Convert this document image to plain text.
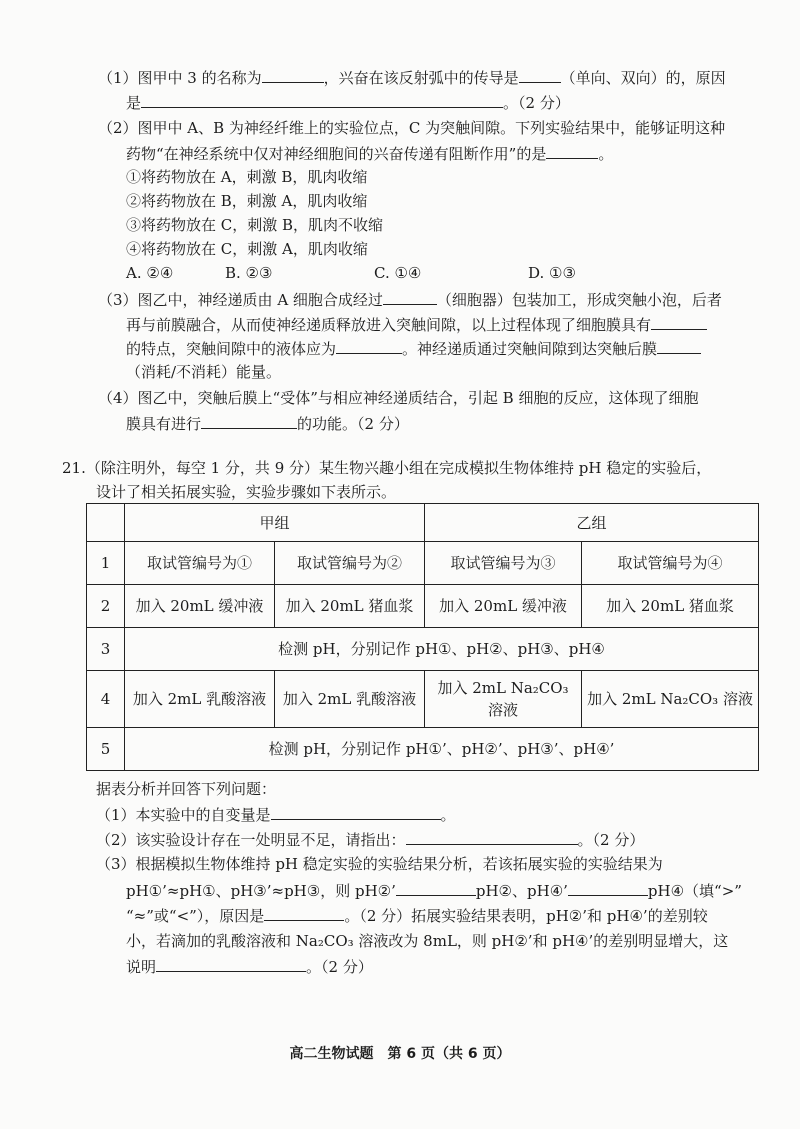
（1）图甲中 3 的名称为	，兴奋在该反射弧中的传导是	（单向、双向）的，原因
是	。（2 分）
（2）图甲中 A、B 为神经纤维上的实验位点，C 为突触间隙。下列实验结果中，能够证明这种
药物“在神经系统中仅对神经细胞间的兴奋传递有阻断作用”的是	。
①将药物放在 A，刺激 B，肌肉收缩
②将药物放在 B，刺激 A，肌肉收缩
③将药物放在 C，刺激 B，肌肉不收缩
④将药物放在 C，刺激 A，肌肉收缩
A. ②④	B. ②③	C. ①④	D. ①③
（3）图乙中，神经递质由 A 细胞合成经过	（细胞器）包装加工，形成突触小泡，后者
再与前膜融合，从而使神经递质释放进入突触间隙，以上过程体现了细胞膜具有
的特点，突触间隙中的液体应为	。神经递质通过突触间隙到达突触后膜
（消耗/不消耗）能量。
（4）图乙中，突触后膜上“受体”与相应神经递质结合，引起 B 细胞的反应，这体现了细胞
膜具有进行	的功能。（2 分）
21.（除注明外，每空 1 分，共 9 分）某生物兴趣小组在完成模拟生物体维持 pH 稳定的实验后，
设计了相关拓展实验，实验步骤如下表所示。
	甲组		乙组	
1	取试管编号为①	取试管编号为②	取试管编号为③	取试管编号为④
2	加入 20mL 缓冲液	加入 20mL 猪血浆	加入 20mL 缓冲液	加入 20mL 猪血浆
3	检测 pH，分别记作 pH①、pH②、pH③、pH④			
4	加入 2mL 乳酸溶液	加入 2mL 乳酸溶液	加入 2mL Na₂CO₃ 溶液	加入 2mL Na₂CO₃ 溶液
5	检测 pH，分别记作 pH①’、pH②’、pH③’、pH④’			
据表分析并回答下列问题：
（1）本实验中的自变量是	。
（2）该实验设计存在一处明显不足，请指出：	。（2 分）
（3）根据模拟生物体维持 pH 稳定实验的实验结果分析，若该拓展实验的实验结果为
pH①’≈pH①、pH③’≈pH③，则 pH②’	pH②、pH④’	pH④（填“>”
“≈”或“<”），原因是	。（2 分）拓展实验结果表明，pH②’和 pH④’的差别较
小，若滴加的乳酸溶液和 Na₂CO₃ 溶液改为 8mL，则 pH②’和 pH④’的差别明显增大，这
说明	。（2 分）
高二生物试题　第 6 页（共 6 页）
